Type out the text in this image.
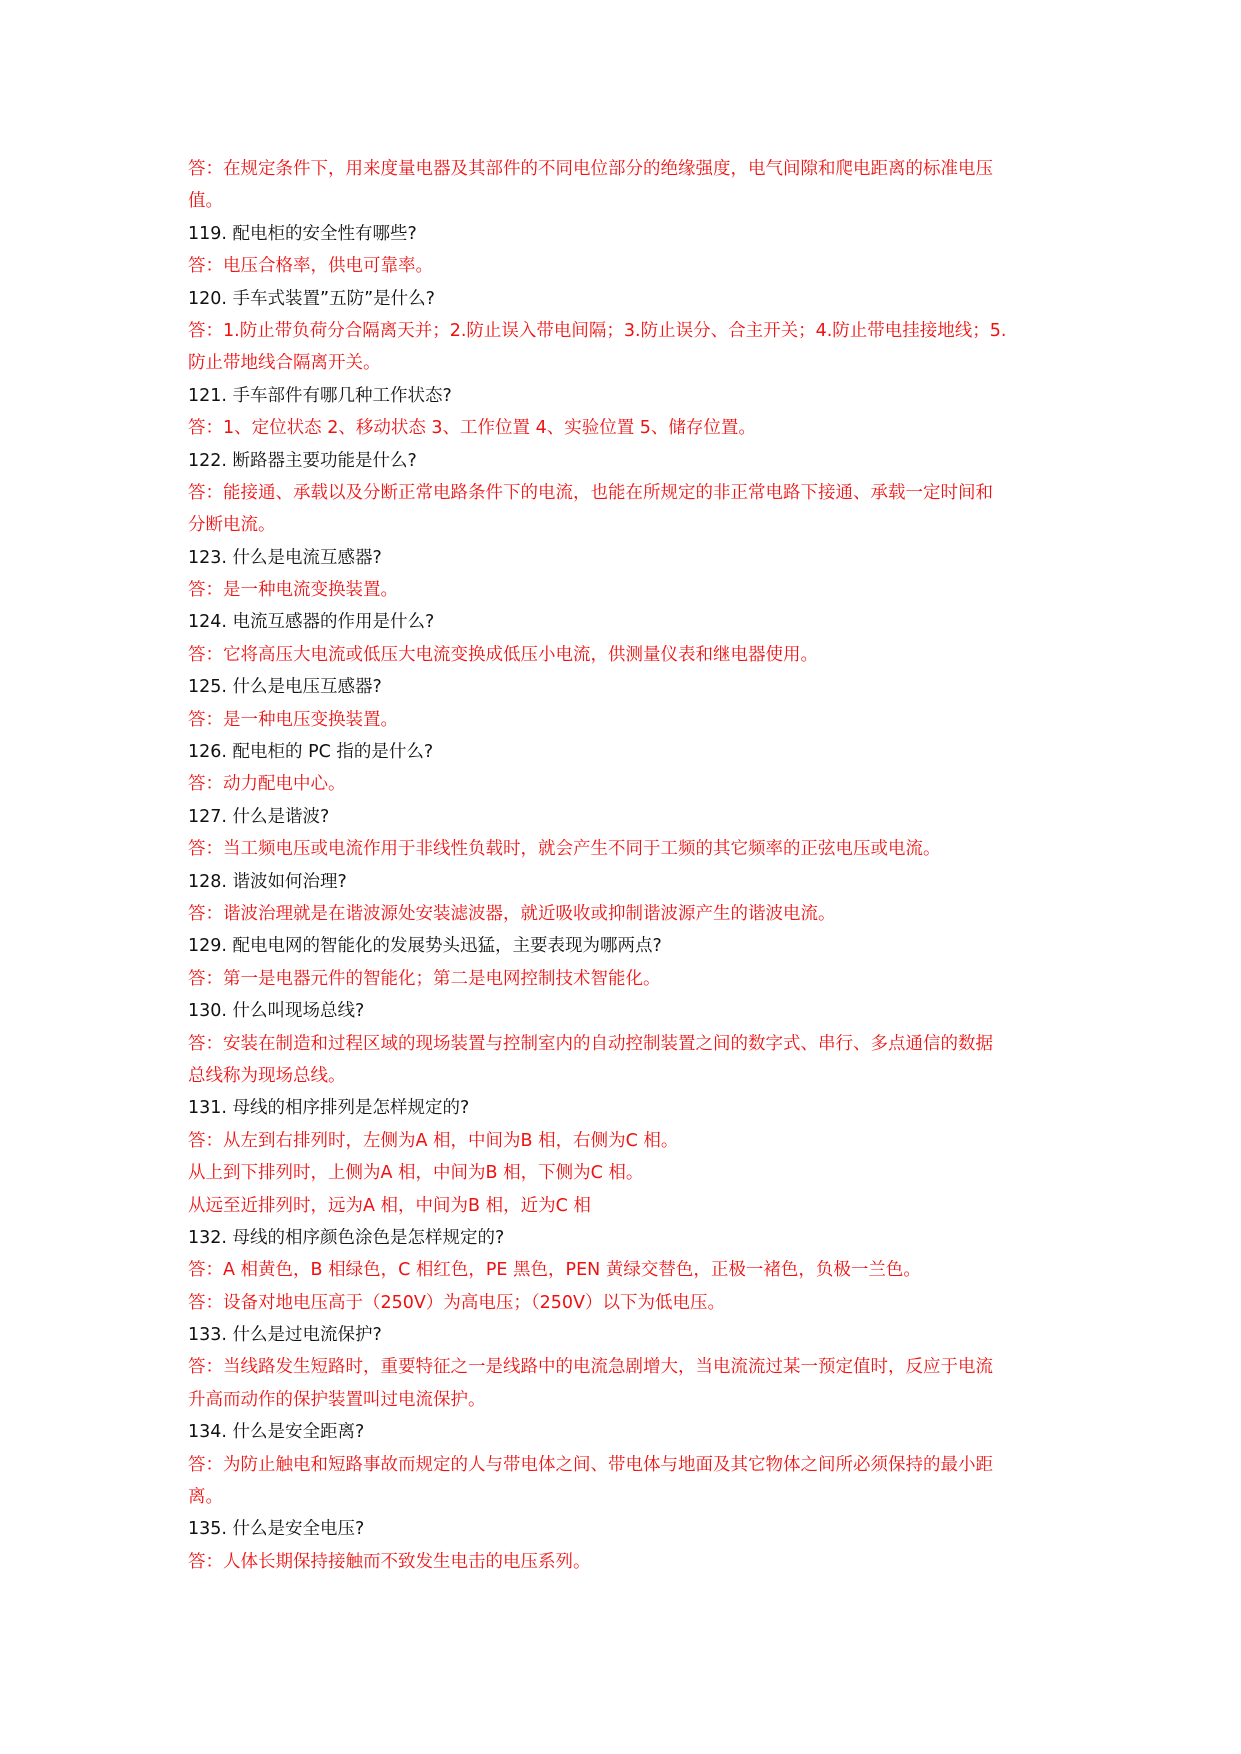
答：在规定条件下，用来度量电器及其部件的不同电位部分的绝缘强度，电气间隙和爬电距离的标准电压
值。
119. 配电柜的安全性有哪些?
答：电压合格率，供电可靠率。
120. 手车式装置”五防”是什么?
答：1.防止带负荷分合隔离天并；2.防止误入带电间隔；3.防止误分、合主开关；4.防止带电挂接地线；5.
防止带地线合隔离开关。
121. 手车部件有哪几种工作状态?
答：1、定位状态 2、移动状态 3、工作位置 4、实验位置 5、储存位置。
122. 断路器主要功能是什么?
答：能接通、承载以及分断正常电路条件下的电流，也能在所规定的非正常电路下接通、承载一定时间和
分断电流。
123. 什么是电流互感器?
答：是一种电流变换装置。
124. 电流互感器的作用是什么?
答：它将高压大电流或低压大电流变换成低压小电流，供测量仪表和继电器使用。
125. 什么是电压互感器?
答：是一种电压变换装置。
126. 配电柜的 PC 指的是什么?
答：动力配电中心。
127. 什么是谐波?
答：当工频电压或电流作用于非线性负载时，就会产生不同于工频的其它频率的正弦电压或电流。
128. 谐波如何治理?
答：谐波治理就是在谐波源处安装滤波器，就近吸收或抑制谐波源产生的谐波电流。
129. 配电电网的智能化的发展势头迅猛，主要表现为哪两点?
答：第一是电器元件的智能化；第二是电网控制技术智能化。
130. 什么叫现场总线?
答：安装在制造和过程区域的现场装置与控制室内的自动控制装置之间的数字式、串行、多点通信的数据
总线称为现场总线。
131. 母线的相序排列是怎样规定的?
答：从左到右排列时，左侧为A 相，中间为B 相，右侧为C 相。
从上到下排列时，上侧为A 相，中间为B 相，下侧为C 相。
从远至近排列时，远为A 相，中间为B 相，近为C 相
132. 母线的相序颜色涂色是怎样规定的?
答：A 相黄色，B 相绿色，C 相红色，PE 黑色，PEN 黄绿交替色，正极一褚色，负极一兰色。
答：设备对地电压高于（250V）为高电压；（250V）以下为低电压。
133. 什么是过电流保护?
答：当线路发生短路时，重要特征之一是线路中的电流急剧增大，当电流流过某一预定值时，反应于电流
升高而动作的保护装置叫过电流保护。
134. 什么是安全距离?
答：为防止触电和短路事故而规定的人与带电体之间、带电体与地面及其它物体之间所必须保持的最小距
离。
135. 什么是安全电压?
答：人体长期保持接触而不致发生电击的电压系列。
